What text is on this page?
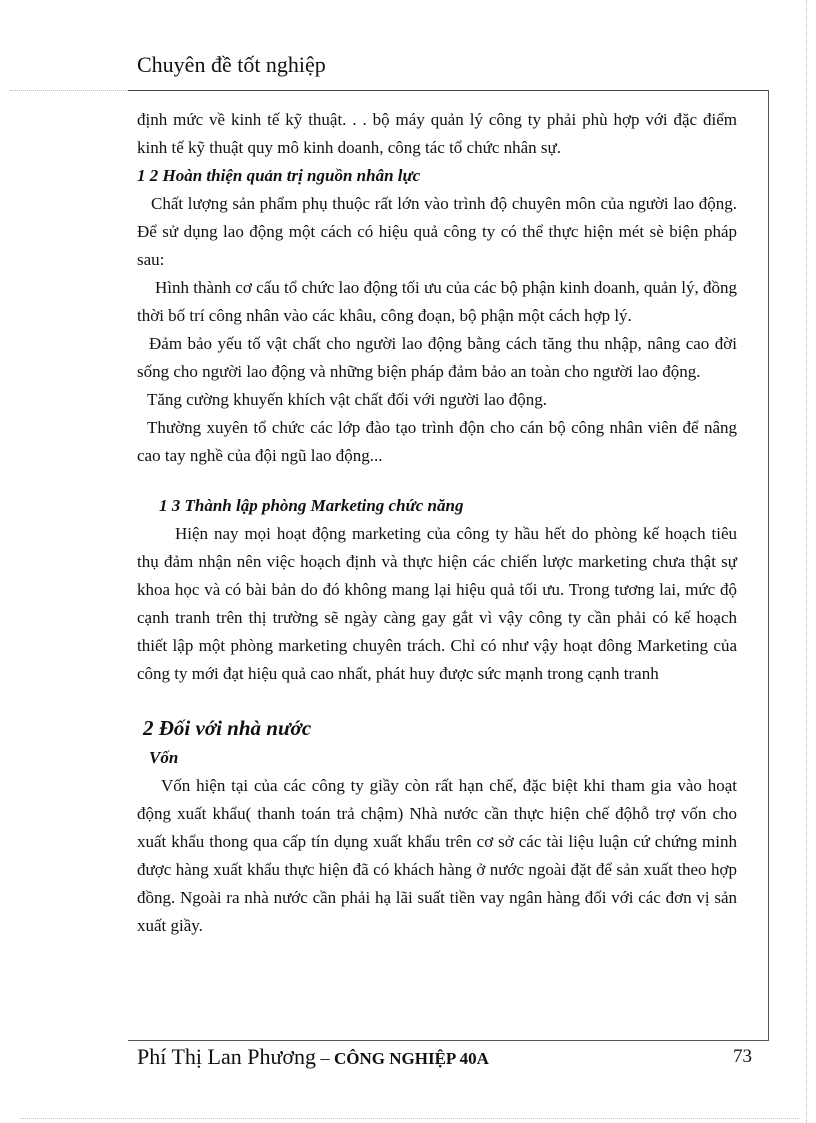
Chuyên đề tốt nghiệp

định mức về kinh tế kỹ thuật. . . bộ máy quản lý công ty phải phù hợp với đặc điểm kinh tế kỹ thuật quy mô kinh doanh, công tác tổ chức nhân sự.

1 2 Hoàn thiện quản trị nguồn nhân lực

Chất lượng sản phẩm phụ thuộc rất lớn vào trình độ chuyên môn của người lao động. Để sử dụng lao động một cách có hiệu quả công ty có thể thực hiện mét sè biện pháp sau:

Hình thành cơ cấu tổ chức lao động tối ưu của các bộ phận kinh doanh, quản lý, đồng thời bố trí công nhân vào các khâu, công đoạn, bộ phận một cách hợp lý.

Đảm bảo yếu tố vật chất cho người lao động bằng cách tăng thu nhập, nâng cao đời sống cho người lao động và những biện pháp đảm bảo an toàn cho người lao động.

Tăng cường khuyến khích vật chất đối với người lao động.

Thường xuyên tổ chức các lớp đào tạo trình độn cho cán bộ công nhân viên để nâng cao tay nghề của đội ngũ lao động...

1 3 Thành lập phòng Marketing chức năng

Hiện nay mọi hoạt động marketing của công ty hầu hết do phòng kế hoạch tiêu thụ đảm nhận nên việc hoạch định và thực hiện các chiến lược marketing chưa thật sự khoa học và có bài bản do đó không mang lại hiệu quả tối ưu. Trong tương lai, mức độ cạnh tranh trên thị trường sẽ ngày càng gay gắt vì vậy công ty cần phải có kế hoạch thiết lập một phòng marketing chuyên trách. Chỉ có như vậy hoạt đông Marketing của công ty mới đạt hiệu quả cao nhất, phát huy được sức mạnh trong cạnh tranh

2 Đối với nhà nước

Vốn

Vốn hiện tại của các công ty giầy còn rất hạn chế, đặc biệt khi tham gia vào hoạt động xuất khẩu( thanh toán trả chậm) Nhà nước cần thực hiện chế độhỗ trợ vốn cho xuất khẩu thong qua cấp tín dụng xuất khẩu trên cơ sở các tài liệu luận cứ chứng minh được hàng xuất khẩu thực hiện đã có khách hàng ở nước ngoài đặt để sản xuất theo hợp đồng. Ngoài ra nhà nước cần phải hạ lãi suất tiền vay ngân hàng đối với các đơn vị sản xuất giầy.

Phí Thị Lan Phương – CÔNG NGHIỆP 40A	73
